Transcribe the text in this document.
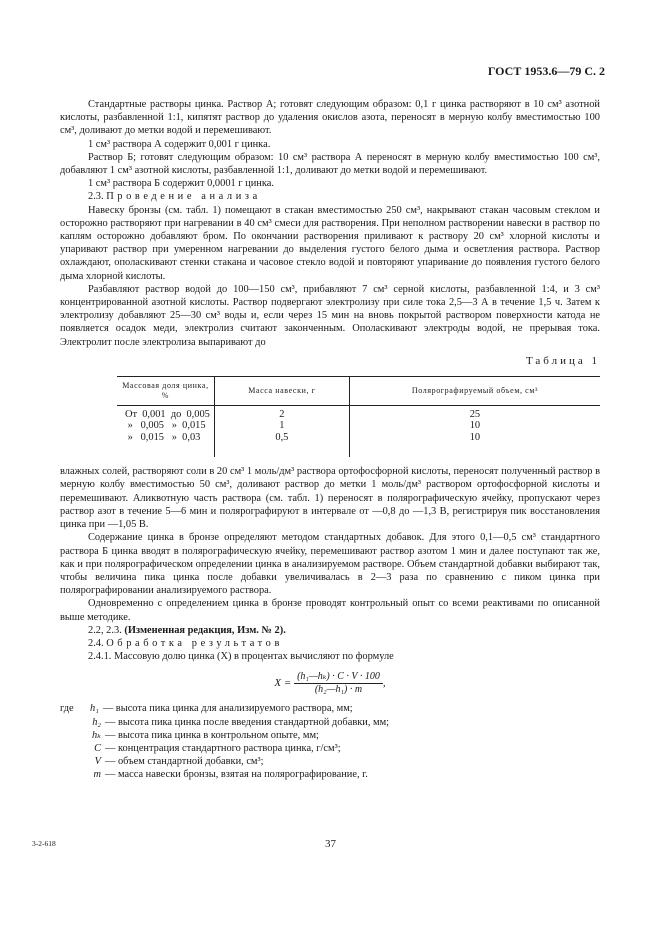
ГОСТ 1953.6—79 С. 2

Стандартные растворы цинка. Раствор А; готовят следующим образом: 0,1 г цинка растворяют в 10 см³ азотной кислоты, разбавленной 1:1, кипятят раствор до удаления окислов азота, переносят в мерную колбу вместимостью 100 см³, доливают до метки водой и перемешивают.

1 см³ раствора А содержит 0,001 г цинка.

Раствор Б; готовят следующим образом: 10 см³ раствора А переносят в мерную колбу вместимостью 100 см³, добавляют 1 см³ азотной кислоты, разбавленной 1:1, доливают до метки водой и перемешивают.

1 см³ раствора Б содержит 0,0001 г цинка.

2.3. Проведение анализа

Навеску бронзы (см. табл. 1) помещают в стакан вместимостью 250 см³, накрывают стакан часовым стеклом и осторожно растворяют при нагревании в 40 см³ смеси для растворения. При неполном растворении навески в раствор по каплям осторожно добавляют бром. По окончании растворения приливают к раствору 20 см³ хлорной кислоты и упаривают раствор при умеренном нагревании до выделения густого белого дыма и осветления раствора. Раствор охлаждают, ополаскивают стенки стакана и часовое стекло водой и повторяют упаривание до появления густого белого дыма хлорной кислоты.

Разбавляют раствор водой до 100—150 см³, прибавляют 7 см³ серной кислоты, разбавленной 1:4, и 3 см³ концентрированной азотной кислоты. Раствор подвергают электролизу при силе тока 2,5—3 А в течение 1,5 ч. Затем к электролизу добавляют 25—30 см³ воды и, если через 15 мин на вновь покрытой раствором поверхности катода не появляется осадок меди, электролиз считают законченным. Ополаскивают электроды водой, не прерывая тока. Электролит после электролиза выпаривают до

Таблица 1
Массовая доля цинка, %	Масса навески, г	Полярографируемый объем, см³
От  0,001  до  0,005	2	25
»   0,005   »  0,015	1	10
»   0,015   »  0,03	0,5	10

влажных солей, растворяют соли в 20 см³ 1 моль/дм³ раствора ортофосфорной кислоты, переносят полученный раствор в мерную колбу вместимостью 50 см³, доливают раствор до метки 1 моль/дм³ раствором ортофосфорной кислоты и перемешивают. Аликвотную часть раствора (см. табл. 1) переносят в полярографическую ячейку, пропускают через раствор азот в течение 5—6 мин и полярографируют в интервале от —0,8 до —1,3 В, регистрируя пик восстановления цинка при —1,05 В.

Содержание цинка в бронзе определяют методом стандартных добавок. Для этого 0,1—0,5 см³ стандартного раствора Б цинка вводят в полярографическую ячейку, перемешивают раствор азотом 1 мин и далее поступают так же, как и при полярографическом определении цинка в анализируемом растворе. Объем стандартной добавки выбирают так, чтобы величина пика цинка после добавки увеличивалась в 2—3 раза по сравнению с пиком цинка при полярографировании анализируемого раствора.

Одновременно с определением цинка в бронзе проводят контрольный опыт со всеми реактивами по описанной выше методике.

2.2, 2.3. (Измененная редакция, Изм. № 2).

2.4. Обработка результатов

2.4.1. Массовую долю цинка (X) в процентах вычисляют по формуле

$X = \frac{\text{(h₁—hₖ) · C · V · 100}}{\text{(h₂—h₁) · m}}$ ,
где	h₁ — высота пика цинка для анализируемого раствора, мм;
h₂ — высота пика цинка после введения стандартной добавки, мм;
hₖ — высота пика цинка в контрольном опыте, мм;
C — концентрация стандартного раствора цинка, г/см³;
V — объем стандартной добавки, см³;
m — масса навески бронзы, взятая на полярографирование, г.
3-2-618	37
